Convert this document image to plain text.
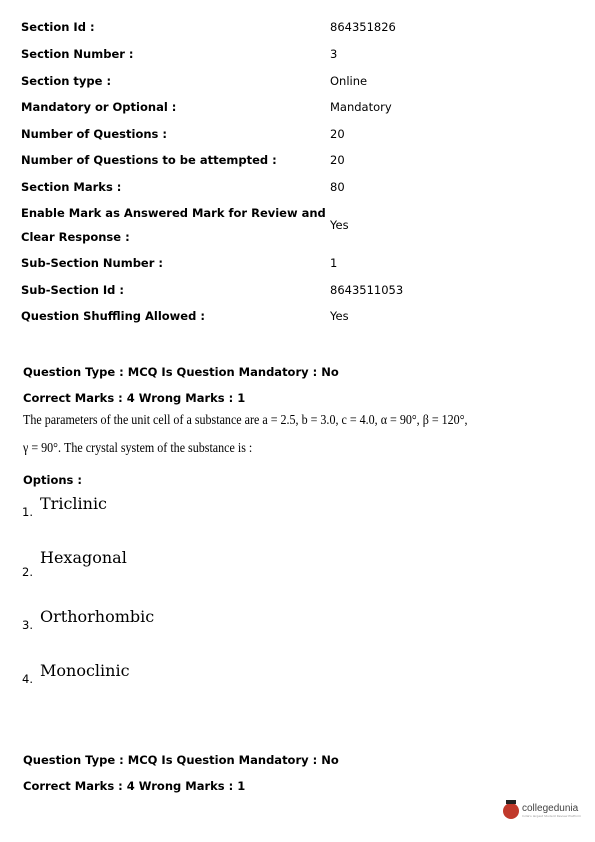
Section Id :	864351826
Section Number :	3
Section type :	Online
Mandatory or Optional :	Mandatory
Number of Questions :	20
Number of Questions to be attempted :	20
Section Marks :	80
Enable Mark as Answered Mark for Review and
Clear Response :
Yes
Sub-Section Number :	1
Sub-Section Id :	8643511053
Question Shuffling Allowed :	Yes
Question Type : MCQ Is Question Mandatory : No
Correct Marks : 4 Wrong Marks : 1
The parameters of the unit cell of a substance are a = 2.5, b = 3.0, c = 4.0, α = 90°, β = 120°,
γ = 90°. The crystal system of the substance is :
Options :
1. Triclinic
2.
Hexagonal
3. Orthorhombic
4. Monoclinic
Question Type : MCQ Is Question Mandatory : No
Correct Marks : 4 Wrong Marks : 1
collegedunia
India's largest Student Review Platform
